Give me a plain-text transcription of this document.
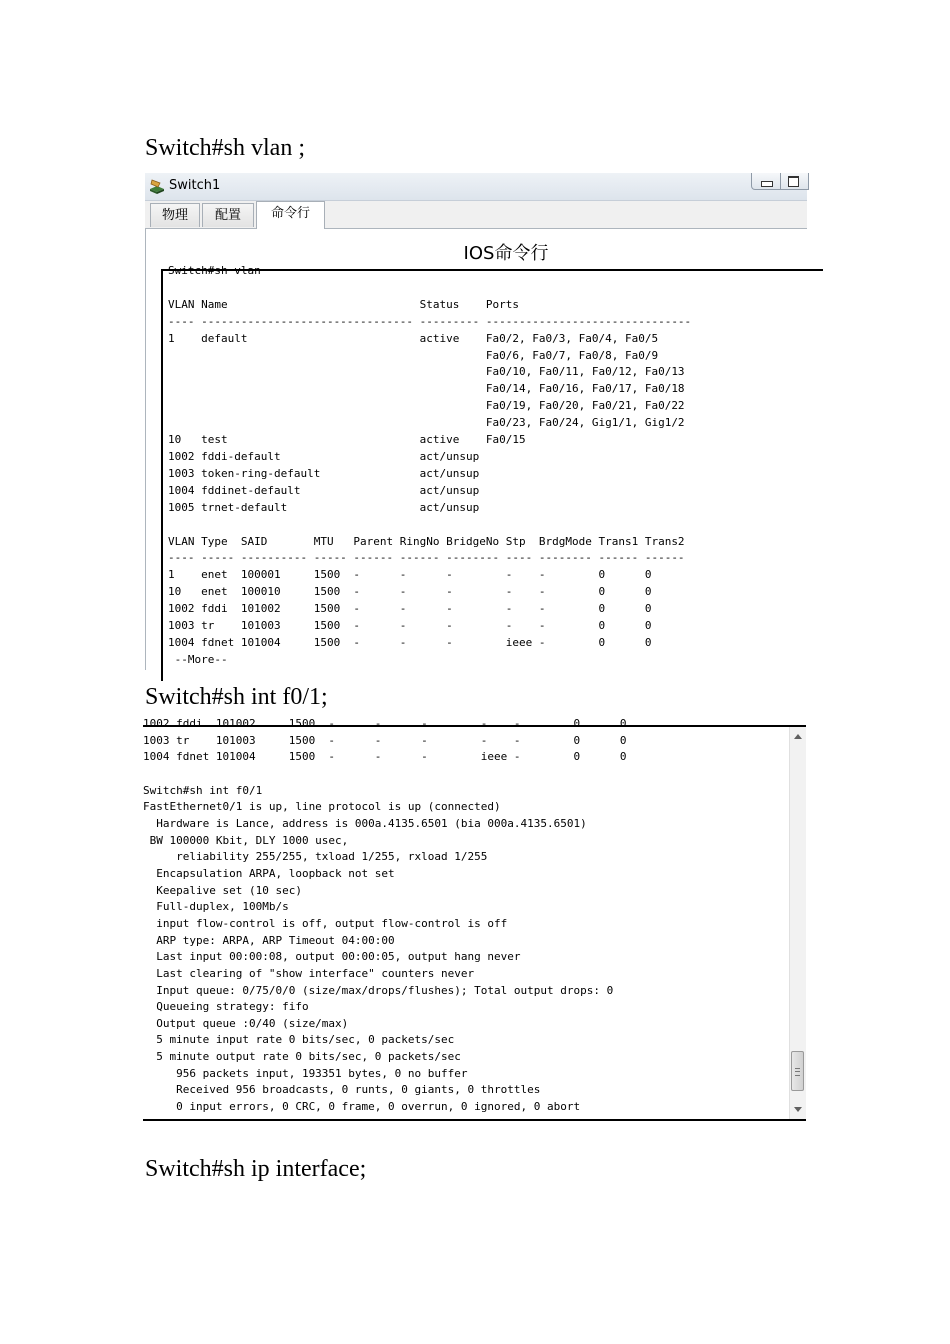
Switch#sh vlan ;
Switch1
物理	配置	命令行
IOS命令行
Switch#sh vlan

VLAN Name                             Status    Ports
---- -------------------------------- --------- -------------------------------
1    default                          active    Fa0/2, Fa0/3, Fa0/4, Fa0/5
Fa0/6, Fa0/7, Fa0/8, Fa0/9
Fa0/10, Fa0/11, Fa0/12, Fa0/13
Fa0/14, Fa0/16, Fa0/17, Fa0/18
Fa0/19, Fa0/20, Fa0/21, Fa0/22
Fa0/23, Fa0/24, Gig1/1, Gig1/2
10   test                             active    Fa0/15
1002 fddi-default                     act/unsup
1003 token-ring-default               act/unsup
1004 fddinet-default                  act/unsup
1005 trnet-default                    act/unsup

VLAN Type  SAID       MTU   Parent RingNo BridgeNo Stp  BrdgMode Trans1 Trans2
---- ----- ---------- ----- ------ ------ -------- ---- -------- ------ ------
1    enet  100001     1500  -      -      -        -    -        0      0
10   enet  100010     1500  -      -      -        -    -        0      0
1002 fddi  101002     1500  -      -      -        -    -        0      0
1003 tr    101003     1500  -      -      -        -    -        0      0
1004 fdnet 101004     1500  -      -      -        ieee -        0      0
--More--
Switch#sh int f0/1;
1002 fddi  101002     1500  -      -      -        -    -        0      0
1003 tr    101003     1500  -      -      -        -    -        0      0
1004 fdnet 101004     1500  -      -      -        ieee -        0      0

Switch#sh int f0/1
FastEthernet0/1 is up, line protocol is up (connected)
Hardware is Lance, address is 000a.4135.6501 (bia 000a.4135.6501)
BW 100000 Kbit, DLY 1000 usec,
reliability 255/255, txload 1/255, rxload 1/255
Encapsulation ARPA, loopback not set
Keepalive set (10 sec)
Full-duplex, 100Mb/s
input flow-control is off, output flow-control is off
ARP type: ARPA, ARP Timeout 04:00:00
Last input 00:00:08, output 00:00:05, output hang never
Last clearing of "show interface" counters never
Input queue: 0/75/0/0 (size/max/drops/flushes); Total output drops: 0
Queueing strategy: fifo
Output queue :0/40 (size/max)
5 minute input rate 0 bits/sec, 0 packets/sec
5 minute output rate 0 bits/sec, 0 packets/sec
956 packets input, 193351 bytes, 0 no buffer
Received 956 broadcasts, 0 runts, 0 giants, 0 throttles
0 input errors, 0 CRC, 0 frame, 0 overrun, 0 ignored, 0 abort
Switch#sh ip interface;
